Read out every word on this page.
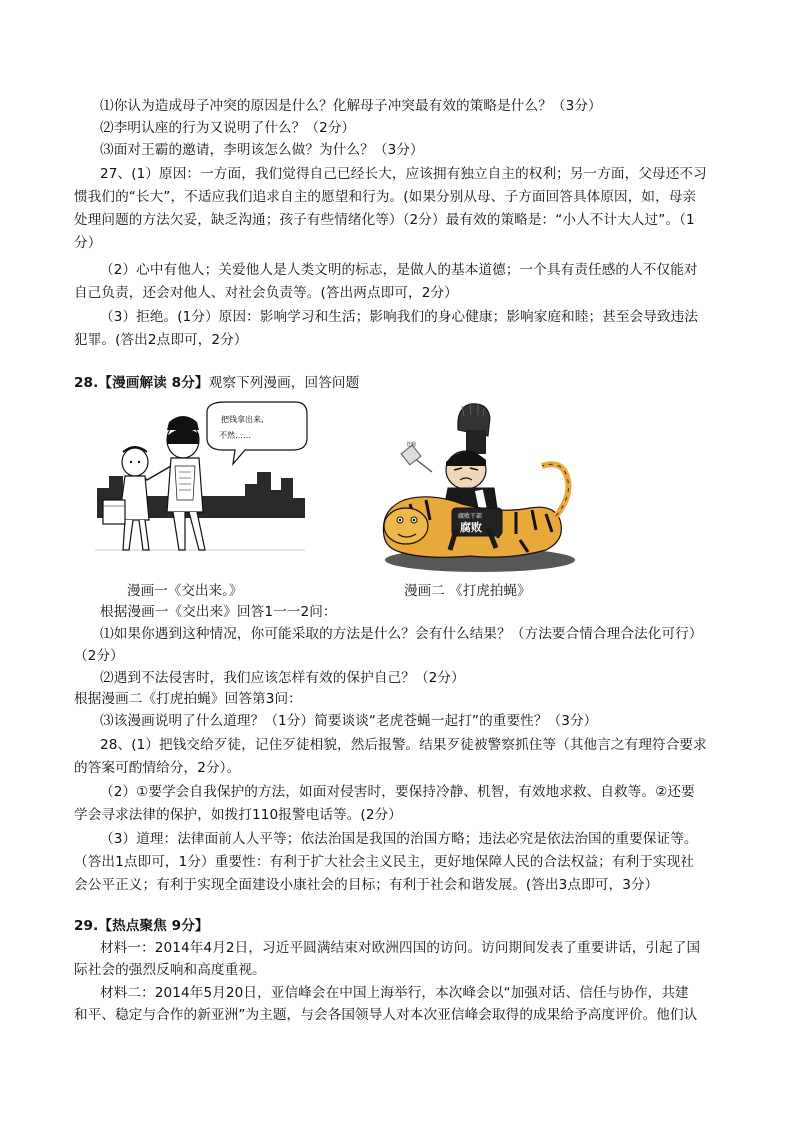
⑴你认为造成母子冲突的原因是什么？化解母子冲突最有效的策略是什么？（3分）
⑵李明认座的行为又说明了什么？（2分）
⑶面对王霸的邀请，李明该怎么做？为什么？（3分）
27、(1）原因：一方面，我们觉得自己已经长大，应该拥有独立自主的权利；另一方面，父母还不习
惯我们的“长大”，不适应我们追求自主的愿望和行为。(如果分别从母、子方面回答具体原因，如，母亲
处理问题的方法欠妥，缺乏沟通；孩子有些情绪化等）（2分）最有效的策略是：“小人不计大人过”。（1
分）
（2）心中有他人；关爱他人是人类文明的标志，是做人的基本道德；一个具有责任感的人不仅能对
自己负责，还会对他人、对社会负责等。(答出两点即可，2分）
（3）拒绝。(1分）原因：影响学习和生活；影响我们的身心健康；影响家庭和睦；甚至会导致违法
犯罪。(答出2点即可，2分）
28.【漫画解读 8分】观察下列漫画，回答问题
把钱拿出来,
不然……
苍蝇
腐败干部
腐败
漫画一《交出来。》	漫画二 《打虎拍蝇》
根据漫画一《交出来》回答1一一2问：
⑴如果你遇到这种情况，你可能采取的方法是什么？会有什么结果？（方法要合情合理合法化可行）
（2分）
⑵遇到不法侵害时，我们应该怎样有效的保护自己？（2分）
根据漫画二《打虎拍蝇》回答第3问：
⑶该漫画说明了什么道理？（1分）简要谈谈“老虎苍蝇一起打”的重要性？（3分）
28、(1）把钱交给歹徒，记住歹徒相貌，然后报警。结果歹徒被警察抓住等（其他言之有理符合要求
的答案可酌情给分，2分）。
（2）①要学会自我保护的方法，如面对侵害时，要保持冷静、机智，有效地求救、自救等。②还要
学会寻求法律的保护，如拨打110报警电话等。(2分）
（3）道理：法律面前人人平等；依法治国是我国的治国方略；违法必究是依法治国的重要保证等。
（答出1点即可，1分）重要性：有利于扩大社会主义民主，更好地保障人民的合法权益；有利于实现社
会公平正义；有利于实现全面建设小康社会的目标；有利于社会和谐发展。(答出3点即可，3分）
29.【热点聚焦 9分】
材料一：2014年4月2日，习近平圆满结束对欧洲四国的访问。访问期间发表了重要讲话，引起了国
际社会的强烈反响和高度重视。
材料二：2014年5月20日，亚信峰会在中国上海举行，本次峰会以“加强对话、信任与协作，共建
和平、稳定与合作的新亚洲”为主题，与会各国领导人对本次亚信峰会取得的成果给予高度评价。他们认
